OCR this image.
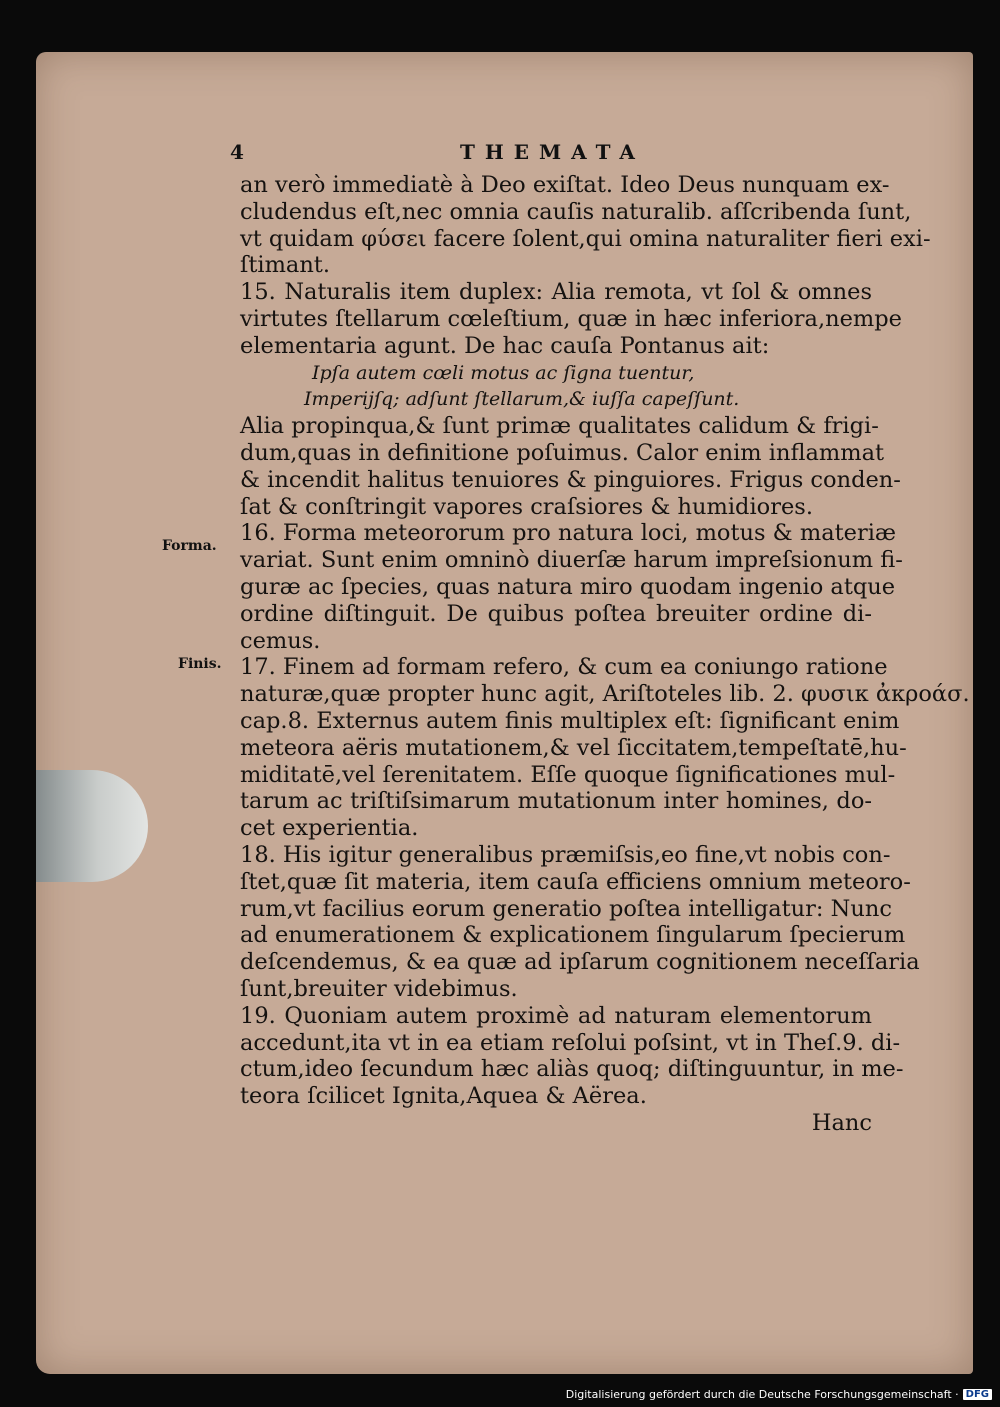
4	THEMATA
Forma.
Finis.
an verò immediatè à Deo exiſtat. Ideo Deus nunquam ex-
cludendus eſt,nec omnia cauſis naturalib. aſſcribenda ſunt,
vt quidam φύσει facere ſolent,qui omina naturaliter fieri exi-
ſtimant.
15. Naturalis item duplex: Alia remota, vt ſol & omnes
virtutes ſtellarum cœleſtium, quæ in hæc inferiora,nempe
elementaria agunt. De hac cauſa Pontanus ait:
Ipſa autem cœli motus ac ſigna tuentur,
Imperijſq; adſunt ſtellarum,& iuſſa capeſſunt.
Alia propinqua,& ſunt primæ qualitates calidum & frigi-
dum,quas in definitione poſuimus. Calor enim inflammat
& incendit halitus tenuiores & pinguiores. Frigus conden-
ſat & conſtringit vapores craſsiores & humidiores.
16. Forma meteororum pro natura loci, motus & materiæ
variat. Sunt enim omninò diuerſæ harum impreſsionum fi-
guræ ac ſpecies, quas natura miro quodam ingenio atque
ordine diſtinguit. De quibus poſtea breuiter ordine di-
cemus.
17. Finem ad formam refero, & cum ea coniungo ratione
naturæ,quæ propter hunc agit, Ariſtoteles lib. 2. φυσικ ἀκροάσ.
cap.8. Externus autem finis multiplex eſt: ſignificant enim
meteora aëris mutationem,& vel ſiccitatem,tempeſtatē,hu-
miditatē,vel ſerenitatem. Eſſe quoque ſignificationes mul-
tarum ac triſtiſsimarum mutationum inter homines, do-
cet experientia.
18. His igitur generalibus præmiſsis,eo fine,vt nobis con-
ſtet,quæ ſit materia, item cauſa efficiens omnium meteoro-
rum,vt facilius eorum generatio poſtea intelligatur: Nunc
ad enumerationem & explicationem ſingularum ſpecierum
deſcendemus, & ea quæ ad ipſarum cognitionem neceſſaria
ſunt,breuiter videbimus.
19. Quoniam autem proximè ad naturam elementorum
accedunt,ita vt in ea etiam reſolui poſsint, vt in Theſ.9. di-
ctum,ideo ſecundum hæc aliàs quoq; diſtinguuntur, in me-
teora ſcilicet Ignita,Aquea & Aërea.
Hanc
Digitalisierung gefördert durch die Deutsche Forschungsgemeinschaft · DFG
